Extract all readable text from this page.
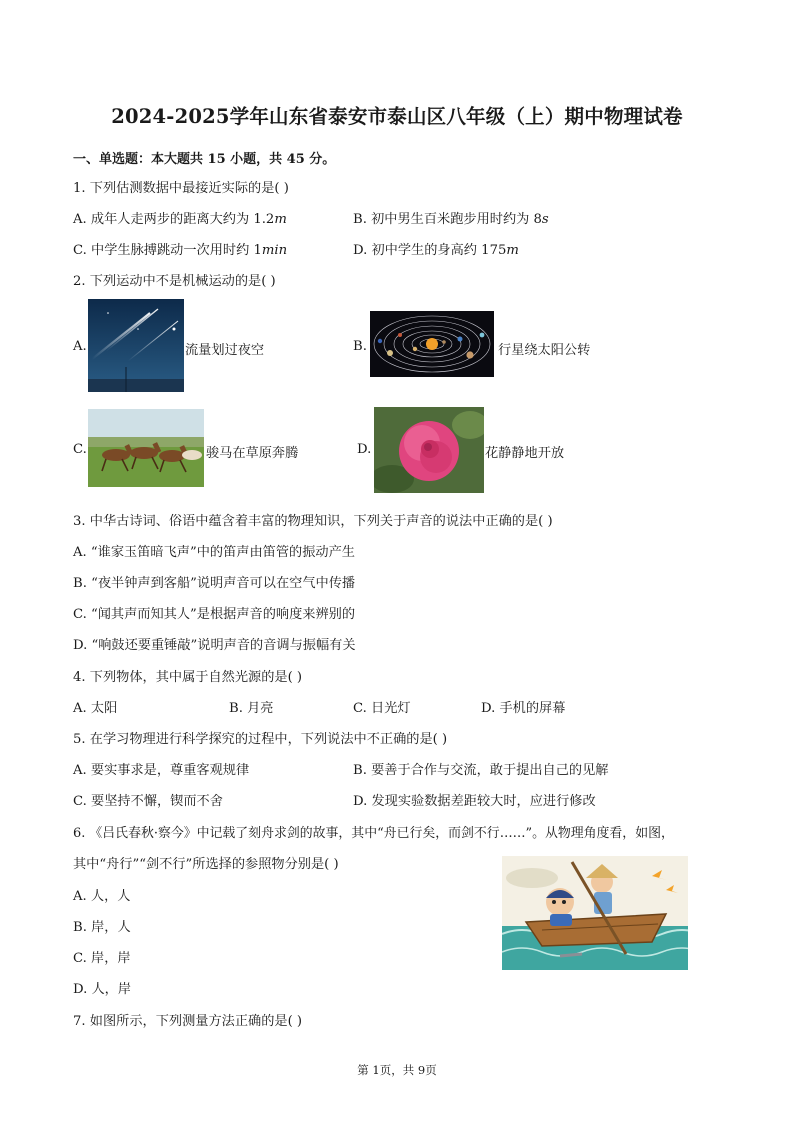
2024-2025学年山东省泰安市泰山区八年级（上）期中物理试卷
一、单选题：本大题共 15 小题，共 45 分。
1. 下列估测数据中最接近实际的是( )
A. 成年人走两步的距离大约为 1.2m	B. 初中男生百米跑步用时约为 8s
C. 中学生脉搏跳动一次用时约 1min	D. 初中学生的身高约 175m
2. 下列运动中不是机械运动的是( )
A.	流量划过夜空	B.	行星绕太阳公转
C.	骏马在草原奔腾	D.	花静静地开放
3. 中华古诗词、俗语中蕴含着丰富的物理知识，下列关于声音的说法中正确的是( )
A. “谁家玉笛暗飞声”中的笛声由笛管的振动产生
B. “夜半钟声到客船”说明声音可以在空气中传播
C. “闻其声而知其人”是根据声音的响度来辨别的
D. “响鼓还要重锤敲”说明声音的音调与振幅有关
4. 下列物体，其中属于自然光源的是( )
A. 太阳	B. 月亮	C. 日光灯	D. 手机的屏幕
5. 在学习物理进行科学探究的过程中，下列说法中不正确的是( )
A. 要实事求是，尊重客观规律	B. 要善于合作与交流，敢于提出自己的见解
C. 要坚持不懈，锲而不舍	D. 发现实验数据差距较大时，应进行修改
6. 《吕氏春秋·察今》中记载了刻舟求剑的故事，其中“舟已行矣，而剑不行……”。从物理角度看，如图，
其中“舟行”“剑不行”所选择的参照物分别是( )
A. 人，人
B. 岸，人
C. 岸，岸
D. 人，岸
7. 如图所示，下列测量方法正确的是( )
第 1页，共 9页
